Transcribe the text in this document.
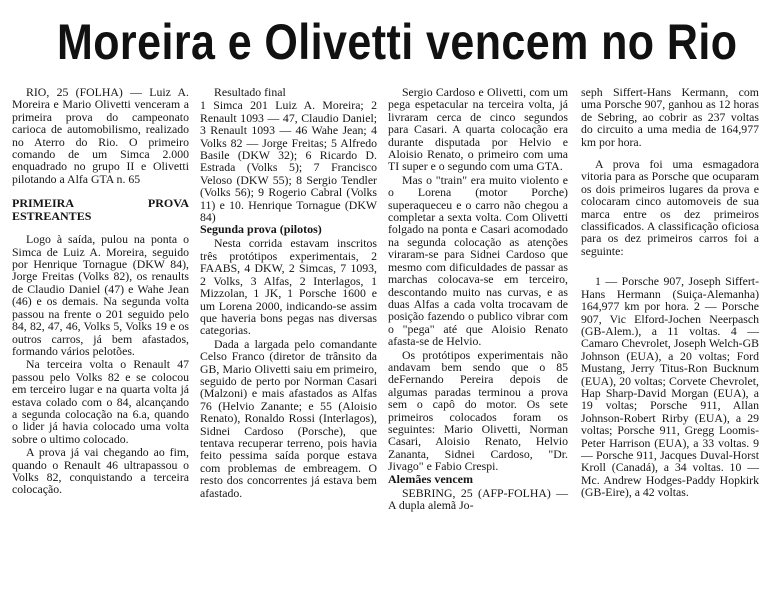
Moreira e Olivetti vencem no Rio

RIO, 25 (FOLHA) — Luiz A. Moreira e Mario Olivetti venceram a primeira prova do campeonato carioca de automobilismo, realizado no Aterro do Rio. O primeiro comando de um Simca 2.000 enquadrado no grupo II e Olivetti pilotando a Alfa GTA n. 65

PRIMEIRA PROVA ESTREANTES

Logo à saída, pulou na ponta o Simca de Luiz A. Moreira, seguido por Henrique Tornague (DKW 84), Jorge Freitas (Volks 82), os renaults de Claudio Daniel (47) e Wahe Jean (46) e os demais. Na segunda volta passou na frente o 201 seguido pelo 84, 82, 47, 46, Volks 5, Volks 19 e os outros carros, já bem afastados, formando vários pelotões.

Na terceira volta o Renault 47 passou pelo Volks 82 e se colocou em terceiro lugar e na quarta volta já estava colado com o 84, alcançando a segunda colocação na 6.a, quando o lider já havia colocado uma volta sobre o ultimo colocado.

A prova já vai chegando ao fim, quando o Renault 46 ultrapassou o Volks 82, conquistando a terceira colocação.

Resultado final

1 Simca 201 Luiz A. Moreira; 2 Renault 1093 — 47, Claudio Daniel; 3 Renault 1093 — 46 Wahe Jean; 4 Volks 82 — Jorge Freitas; 5 Alfredo Basile (DKW 32); 6 Ricardo D. Estrada (Volks 5); 7 Francisco Veloso (DKW 55); 8 Sergio Tendler (Volks 56); 9 Rogerio Cabral (Volks 11) e 10. Henrique Tornague (DKW 84)

Segunda prova (pilotos)

Nesta corrida estavam inscritos três protótipos experimentais, 2 FAABS, 4 DKW, 2 Simcas, 7 1093, 2 Volks, 3 Alfas, 2 Interlagos, 1 Mizzolan, 1 JK, 1 Porsche 1600 e um Lorena 2000, indicando-se assim que haveria bons pegas nas diversas categorias.

Dada a largada pelo comandante Celso Franco (diretor de trânsito da GB, Mario Olivetti saiu em primeiro, seguido de perto por Norman Casari (Malzoni) e mais afastados as Alfas 76 (Helvio Zanante; e 55 (Aloisio Renato), Ronaldo Rossi (Interlagos), Sidnei Cardoso (Porsche), que tentava recuperar terreno, pois havia feito pessima saída porque estava com problemas de embreagem. O resto dos concorrentes já estava bem afastado.

Sergio Cardoso e Olivetti, com um pega espetacular na terceira volta, já livraram cerca de cinco segundos para Casari. A quarta colocação era durante disputada por Helvio e Aloisio Renato, o primeiro com uma TI super e o segundo com uma GTA.

Mas o "train" era muito violento e o Lorena (motor Porche) superaqueceu e o carro não chegou a completar a sexta volta. Com Olivetti folgado na ponta e Casari acomodado na segunda colocação as atenções viraram-se para Sidnei Cardoso que mesmo com dificuldades de passar as marchas colocava-se em terceiro, descontando muito nas curvas, e as duas Alfas a cada volta trocavam de posição fazendo o publico vibrar com o "pega" até que Aloisio Renato afasta-se de Helvio.

Os protótipos experimentais não andavam bem sendo que o 85 deFernando Pereira depois de algumas paradas terminou a prova sem o capô do motor. Os sete primeiros colocados foram os seguintes: Mario Olivetti, Norman Casari, Aloisio Renato, Helvio Zananta, Sidnei Cardoso, "Dr. Jivago" e Fabio Crespi.

Alemães vencem

SEBRING, 25 (AFP-FOLHA) — A dupla alemã Jo-

seph Siffert-Hans Kermann, com uma Porsche 907, ganhou as 12 horas de Sebring, ao cobrir as 237 voltas do circuito a uma media de 164,977 km por hora.

A prova foi uma esmagadora vitoria para as Porsche que ocuparam os dois primeiros lugares da prova e colocaram cinco automoveis de sua marca entre os dez primeiros classificados. A classificação oficiosa para os dez primeiros carros foi a seguinte:

1 — Porsche 907, Joseph Siffert-Hans Hermann (Suiça-Alemanha) 164,977 km por hora. 2 — Porsche 907, Vic Elford-Jochen Neerpasch (GB-Alem.), a 11 voltas. 4 — Camaro Chevrolet, Joseph Welch-GB Johnson (EUA), a 20 voltas; Ford Mustang, Jerry Titus-Ron Bucknum (EUA), 20 voltas; Corvete Chevrolet, Hap Sharp-David Morgan (EUA), a 19 voltas; Porsche 911, Allan Johnson-Robert Rirby (EUA), a 29 voltas; Porsche 911, Gregg Loomis-Peter Harrison (EUA), a 33 voltas. 9 — Porsche 911, Jacques Duval-Horst Kroll (Canadá), a 34 voltas. 10 — Mc. Andrew Hodges-Paddy Hopkirk (GB-Eire), a 42 voltas.
